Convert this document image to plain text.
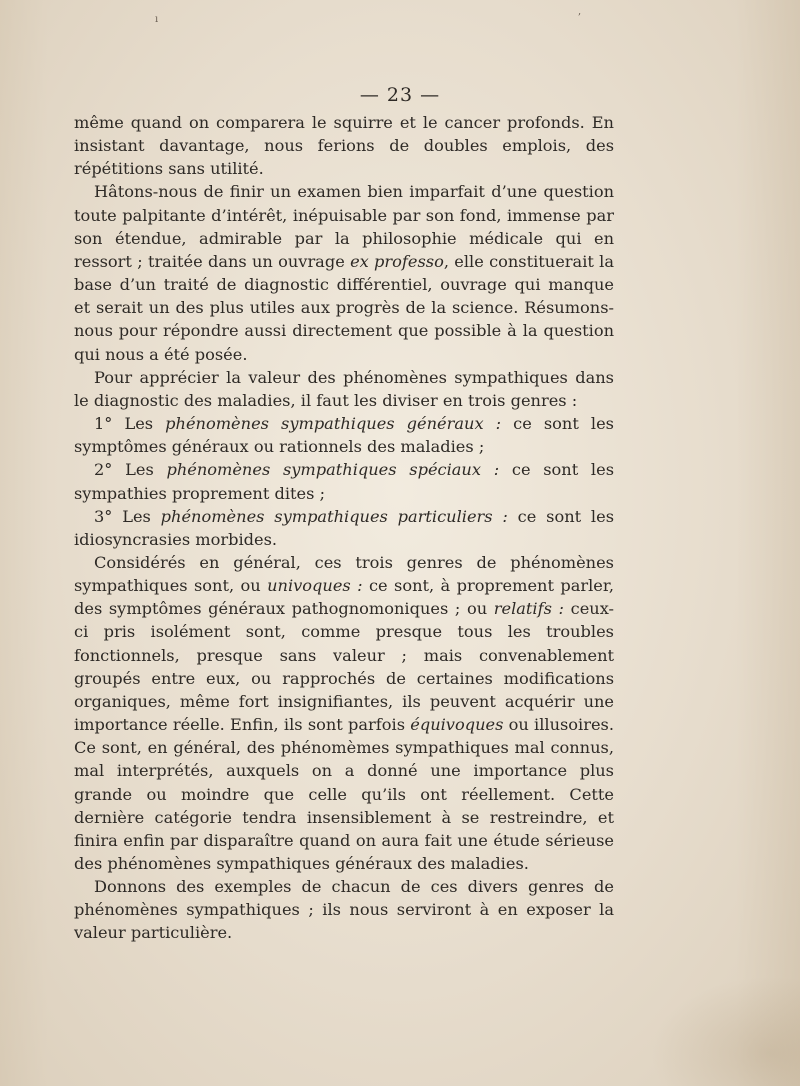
— 23 —

même quand on comparera le squirre et le cancer profonds. En insistant davantage, nous ferions de doubles emplois, des répétitions sans utilité.

Hâtons-nous de finir un examen bien imparfait d’une question toute palpitante d’intérêt, inépuisable par son fond, immense par son étendue, admirable par la philosophie médicale qui en ressort ; traitée dans un ouvrage ex professo, elle constituerait la base d’un traité de diagnostic différentiel, ouvrage qui manque et serait un des plus utiles aux progrès de la science. Résumons-nous pour répondre aussi directement que possible à la question qui nous a été posée.

Pour apprécier la valeur des phénomènes sympathiques dans le diagnostic des maladies, il faut les diviser en trois genres :

1° Les phénomènes sympathiques généraux : ce sont les symptômes généraux ou rationnels des maladies ;

2° Les phénomènes sympathiques spéciaux : ce sont les sympathies proprement dites ;

3° Les phénomènes sympathiques particuliers : ce sont les idiosyncrasies morbides.

Considérés en général, ces trois genres de phénomènes sympathiques sont, ou univoques : ce sont, à proprement parler, des symptômes généraux pathognomoniques ; ou relatifs : ceux-ci pris isolément sont, comme presque tous les troubles fonctionnels, presque sans valeur ; mais convenablement groupés entre eux, ou rapprochés de certaines modifications organiques, même fort insignifiantes, ils peuvent acquérir une importance réelle. Enfin, ils sont parfois équivoques ou illusoires. Ce sont, en général, des phénomèmes sympathiques mal connus, mal interprétés, auxquels on a donné une importance plus grande ou moindre que celle qu’ils ont réellement. Cette dernière catégorie tendra insensiblement à se restreindre, et finira enfin par disparaître quand on aura fait une étude sérieuse des phénomènes sympathiques généraux des maladies.

Donnons des exemples de chacun de ces divers genres de phénomènes sympathiques ; ils nous serviront à en exposer la valeur particulière.

ı
,
